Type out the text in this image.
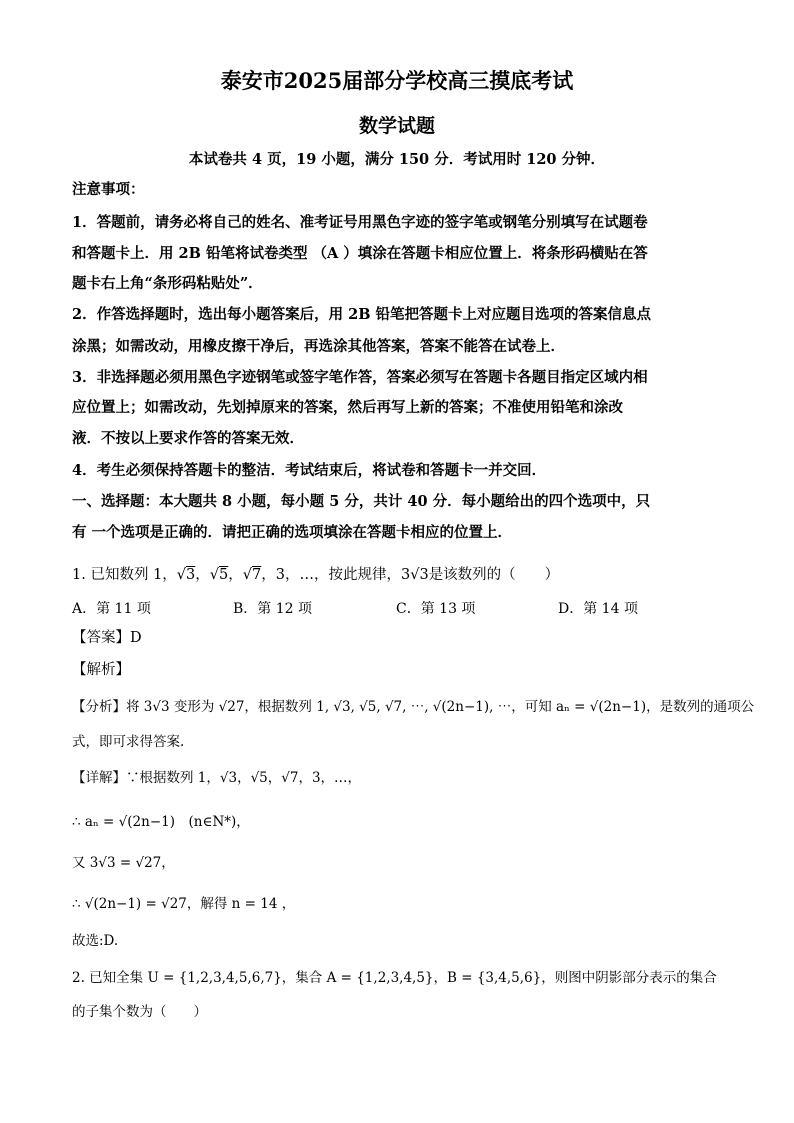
泰安市2025届部分学校高三摸底考试
数学试题
本试卷共 4 页，19 小题，满分 150 分．考试用时 120 分钟．
注意事项：
1．答题前，请务必将自己的姓名、准考证号用黑色字迹的签字笔或钢笔分别填写在试题卷
和答题卡上．用 2B 铅笔将试卷类型 （A ）填涂在答题卡相应位置上．将条形码横贴在答
题卡右上角“条形码粘贴处”．
2．作答选择题时，选出每小题答案后，用 2B 铅笔把答题卡上对应题目选项的答案信息点
涂黑；如需改动，用橡皮擦干净后，再选涂其他答案，答案不能答在试卷上．
3．非选择题必须用黑色字迹钢笔或签字笔作答，答案必须写在答题卡各题目指定区域内相
应位置上；如需改动，先划掉原来的答案，然后再写上新的答案；不准使用铅笔和涂改
液．不按以上要求作答的答案无效．
4．考生必须保持答题卡的整洁．考试结束后，将试卷和答题卡一并交回．
一、选择题：本大题共 8 小题，每小题 5 分，共计 40 分．每小题给出的四个选项中，只
有 一个选项是正确的．请把正确的选项填涂在答题卡相应的位置上．
1. 已知数列 1，√3，√5，√7，3，…，按此规律，3√3是该数列的（　　）
A．第 11 项	B．第 12 项	C．第 13 项	D．第 14 项
【答案】D
【解析】
【分析】将 3√3 变形为 √27，根据数列 1, √3, √5, √7, ⋯, √(2n−1), ⋯，可知 aₙ = √(2n−1)，是数列的通项公
式，即可求得答案.
【详解】∵根据数列 1，√3，√5，√7，3，…，
∴ aₙ = √(2n−1)　(n∈N*)，
又 3√3 = √27，
∴ √(2n−1) = √27，解得 n = 14 ，
故选:D.
2. 已知全集 U = {1,2,3,4,5,6,7}，集合 A = {1,2,3,4,5}，B = {3,4,5,6}，则图中阴影部分表示的集合
的子集个数为（　　）
